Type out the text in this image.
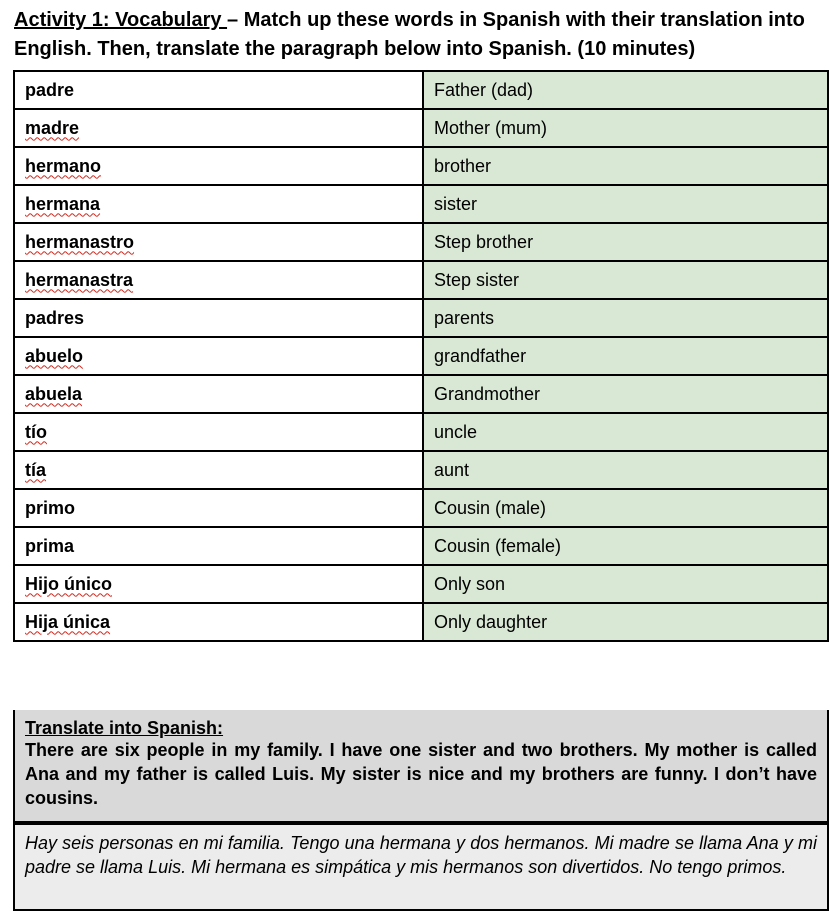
Activity 1: Vocabulary – Match up these words in Spanish with their translation into English. Then, translate the paragraph below into Spanish. (10 minutes)
padre	Father (dad)
madre	Mother (mum)
hermano	brother
hermana	sister
hermanastro	Step brother
hermanastra	Step sister
padres	parents
abuelo	grandfather
abuela	Grandmother
tío	uncle
tía	aunt
primo	Cousin (male)
prima	Cousin (female)
Hijo único	Only son
Hija única	Only daughter
Translate into Spanish:
There are six people in my family. I have one sister and two brothers. My mother is called Ana and my father is called Luis. My sister is nice and my brothers are funny. I don’t have cousins.
Hay seis personas en mi familia. Tengo una hermana y dos hermanos. Mi madre se llama Ana y mi padre se llama Luis. Mi hermana es simpática y mis hermanos son divertidos. No tengo primos.
